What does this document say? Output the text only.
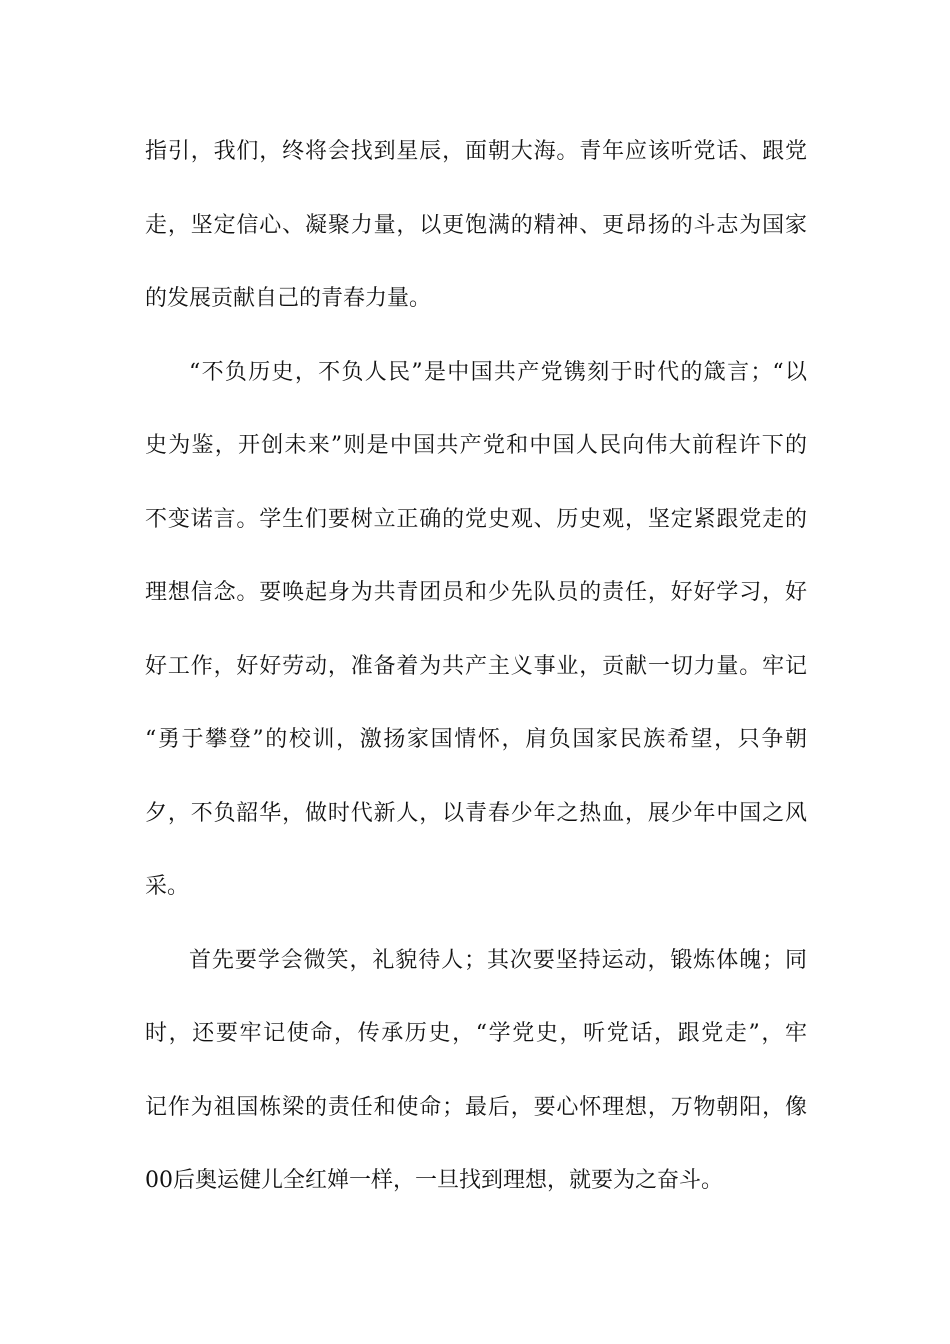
指引，我们，终将会找到星辰，面朝大海。青年应该听党话、跟党
走，坚定信心、凝聚力量，以更饱满的精神、更昂扬的斗志为国家
的发展贡献自己的青春力量。
“不负历史，不负人民”是中国共产党镌刻于时代的箴言；“以
史为鉴，开创未来”则是中国共产党和中国人民向伟大前程许下的
不变诺言。学生们要树立正确的党史观、历史观，坚定紧跟党走的
理想信念。要唤起身为共青团员和少先队员的责任，好好学习，好
好工作，好好劳动，准备着为共产主义事业，贡献一切力量。牢记
“勇于攀登”的校训，激扬家国情怀，肩负国家民族希望，只争朝
夕，不负韶华，做时代新人，以青春少年之热血，展少年中国之风
采。
首先要学会微笑，礼貌待人；其次要坚持运动，锻炼体魄；同
时，还要牢记使命，传承历史，“学党史，听党话，跟党走”，牢
记作为祖国栋梁的责任和使命；最后，要心怀理想，万物朝阳，像
00后奥运健儿全红婵一样，一旦找到理想，就要为之奋斗。
